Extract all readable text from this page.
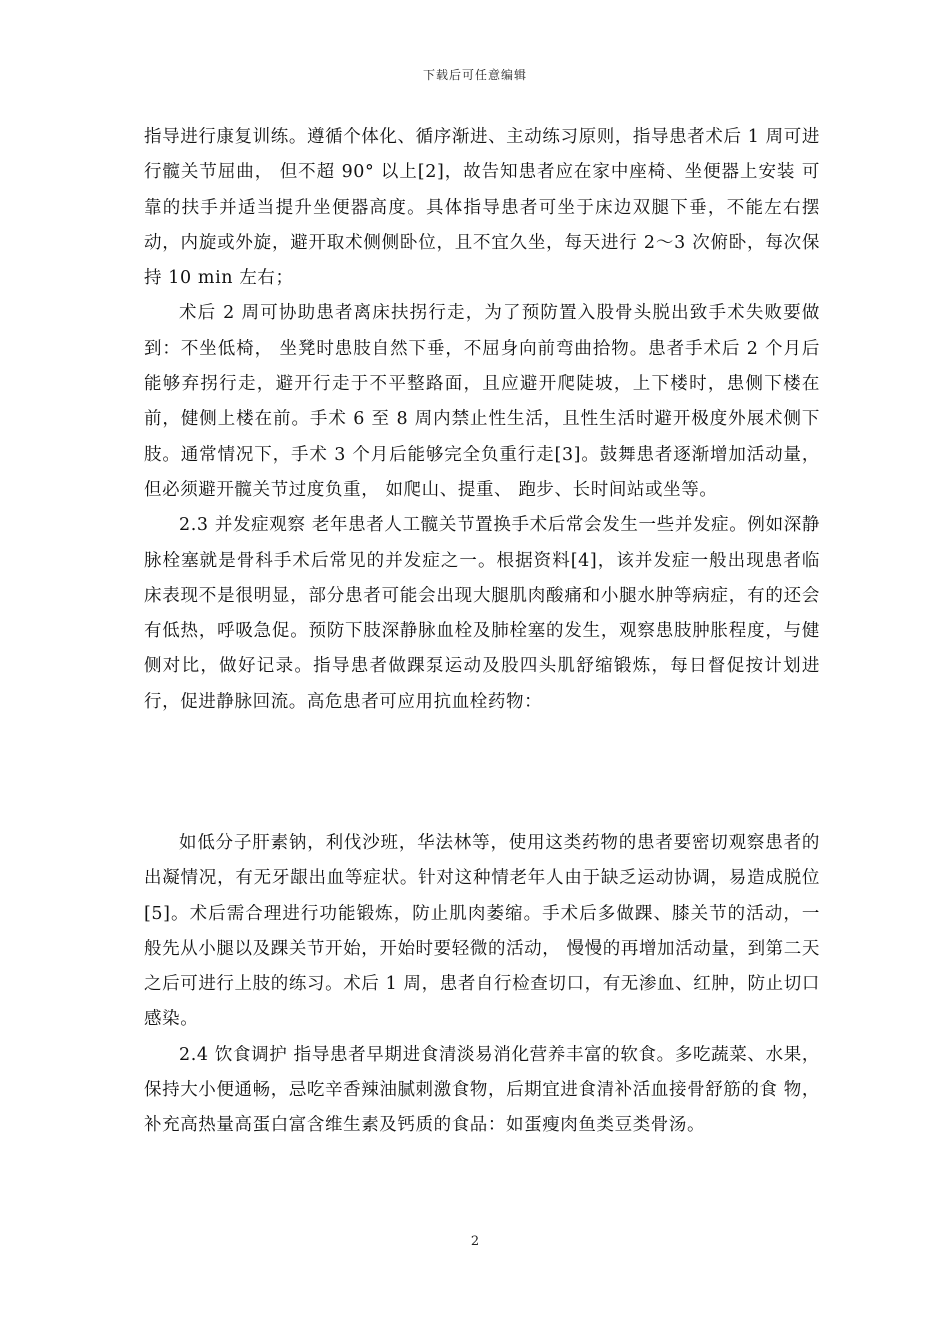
下载后可任意编辑

指导进行康复训练。遵循个体化、循序渐进、主动练习原则，指导患者术后 1 周可进行髋关节屈曲， 但不超 90° 以上[2]，故告知患者应在家中座椅、坐便器上安装 可靠的扶手并适当提升坐便器高度。具体指导患者可坐于床边双腿下垂，不能左右摆动，内旋或外旋，避开取术侧侧卧位，且不宜久坐，每天进行 2～3 次俯卧，每次保持 10 min 左右；

术后 2 周可协助患者离床扶拐行走，为了预防置入股骨头脱出致手术失败要做到：不坐低椅， 坐凳时患肢自然下垂，不屈身向前弯曲拾物。患者手术后 2 个月后能够弃拐行走，避开行走于不平整路面，且应避开爬陡坡，上下楼时，患侧下楼在前，健侧上楼在前。手术 6 至 8 周内禁止性生活，且性生活时避开极度外展术侧下肢。通常情况下，手术 3 个月后能够完全负重行走[3]。鼓舞患者逐渐增加活动量，但必须避开髋关节过度负重， 如爬山、提重、 跑步、长时间站或坐等。

2.3 并发症观察 老年患者人工髋关节置换手术后常会发生一些并发症。例如深静脉栓塞就是骨科手术后常见的并发症之一。根据资料[4]，该并发症一般出现患者临床表现不是很明显，部分患者可能会出现大腿肌肉酸痛和小腿水肿等病症，有的还会有低热，呼吸急促。预防下肢深静脉血栓及肺栓塞的发生，观察患肢肿胀程度，与健侧对比，做好记录。指导患者做踝泵运动及股四头肌舒缩锻炼，每日督促按计划进行，促进静脉回流。高危患者可应用抗血栓药物：

如低分子肝素钠，利伐沙班，华法林等，使用这类药物的患者要密切观察患者的出凝情况，有无牙龈出血等症状。针对这种情老年人由于缺乏运动协调，易造成脱位[5]。术后需合理进行功能锻炼，防止肌肉萎缩。手术后多做踝、膝关节的活动，一般先从小腿以及踝关节开始，开始时要轻微的活动， 慢慢的再增加活动量，到第二天之后可进行上肢的练习。术后 1 周，患者自行检查切口，有无渗血、红肿，防止切口感染。

2.4 饮食调护 指导患者早期进食清淡易消化营养丰富的软食。多吃蔬菜、水果，保持大小便通畅，忌吃辛香辣油腻刺激食物，后期宜进食清补活血接骨舒筋的食 物，补充高热量高蛋白富含维生素及钙质的食品：如蛋瘦肉鱼类豆类骨汤。

2
